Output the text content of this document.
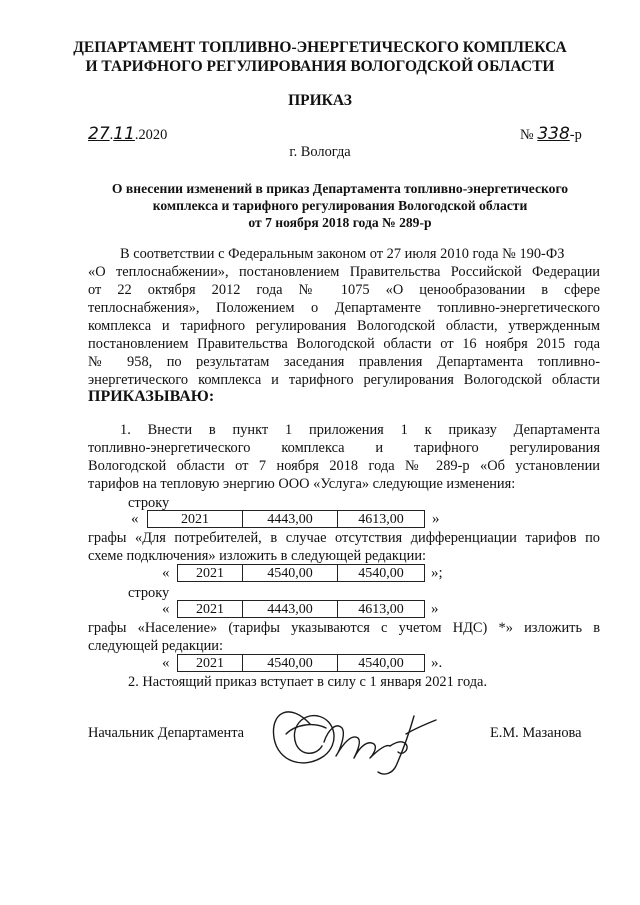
ДЕПАРТАМЕНТ ТОПЛИВНО-ЭНЕРГЕТИЧЕСКОГО КОМПЛЕКСА
И ТАРИФНОГО РЕГУЛИРОВАНИЯ ВОЛОГОДСКОЙ ОБЛАСТИ
ПРИКАЗ
27.11.2020	№ 338-р
г. Вологда
О внесении изменений в приказ Департамента топливно-энергетического
комплекса и тарифного регулирования Вологодской области
от 7 ноября 2018 года № 289-р
В соответствии с Федеральным законом от 27 июля 2010 года № 190-ФЗ
«О теплоснабжении», постановлением Правительства Российской Федерации
от 22 октября 2012 года № 1075 «О ценообразовании в сфере
теплоснабжения», Положением о Департаменте топливно-энергетического
комплекса и тарифного регулирования Вологодской области, утвержденным
постановлением Правительства Вологодской области от 16 ноября 2015 года
№ 958, по результатам заседания правления Департамента топливно-
энергетического комплекса и тарифного регулирования Вологодской области
ПРИКАЗЫВАЮ:
1. Внести в пункт 1 приложения 1 к приказу Департамента
топливно-энергетического комплекса и тарифного регулирования
Вологодской области от 7 ноября 2018 года № 289-р «Об установлении
тарифов на тепловую энергию ООО «Услуга» следующие изменения:
строку
«	2021	4443,00	4613,00	»
графы «Для потребителей, в случае отсутствия дифференциации тарифов по
схеме подключения» изложить в следующей редакции:
«	2021	4540,00	4540,00	»;
строку
«	2021	4443,00	4613,00	»
графы «Население» (тарифы указываются с учетом НДС) *» изложить в
следующей редакции:
«	2021	4540,00	4540,00	».
2. Настоящий приказ вступает в силу с 1 января 2021 года.
Начальник Департамента	Е.М. Мазанова
